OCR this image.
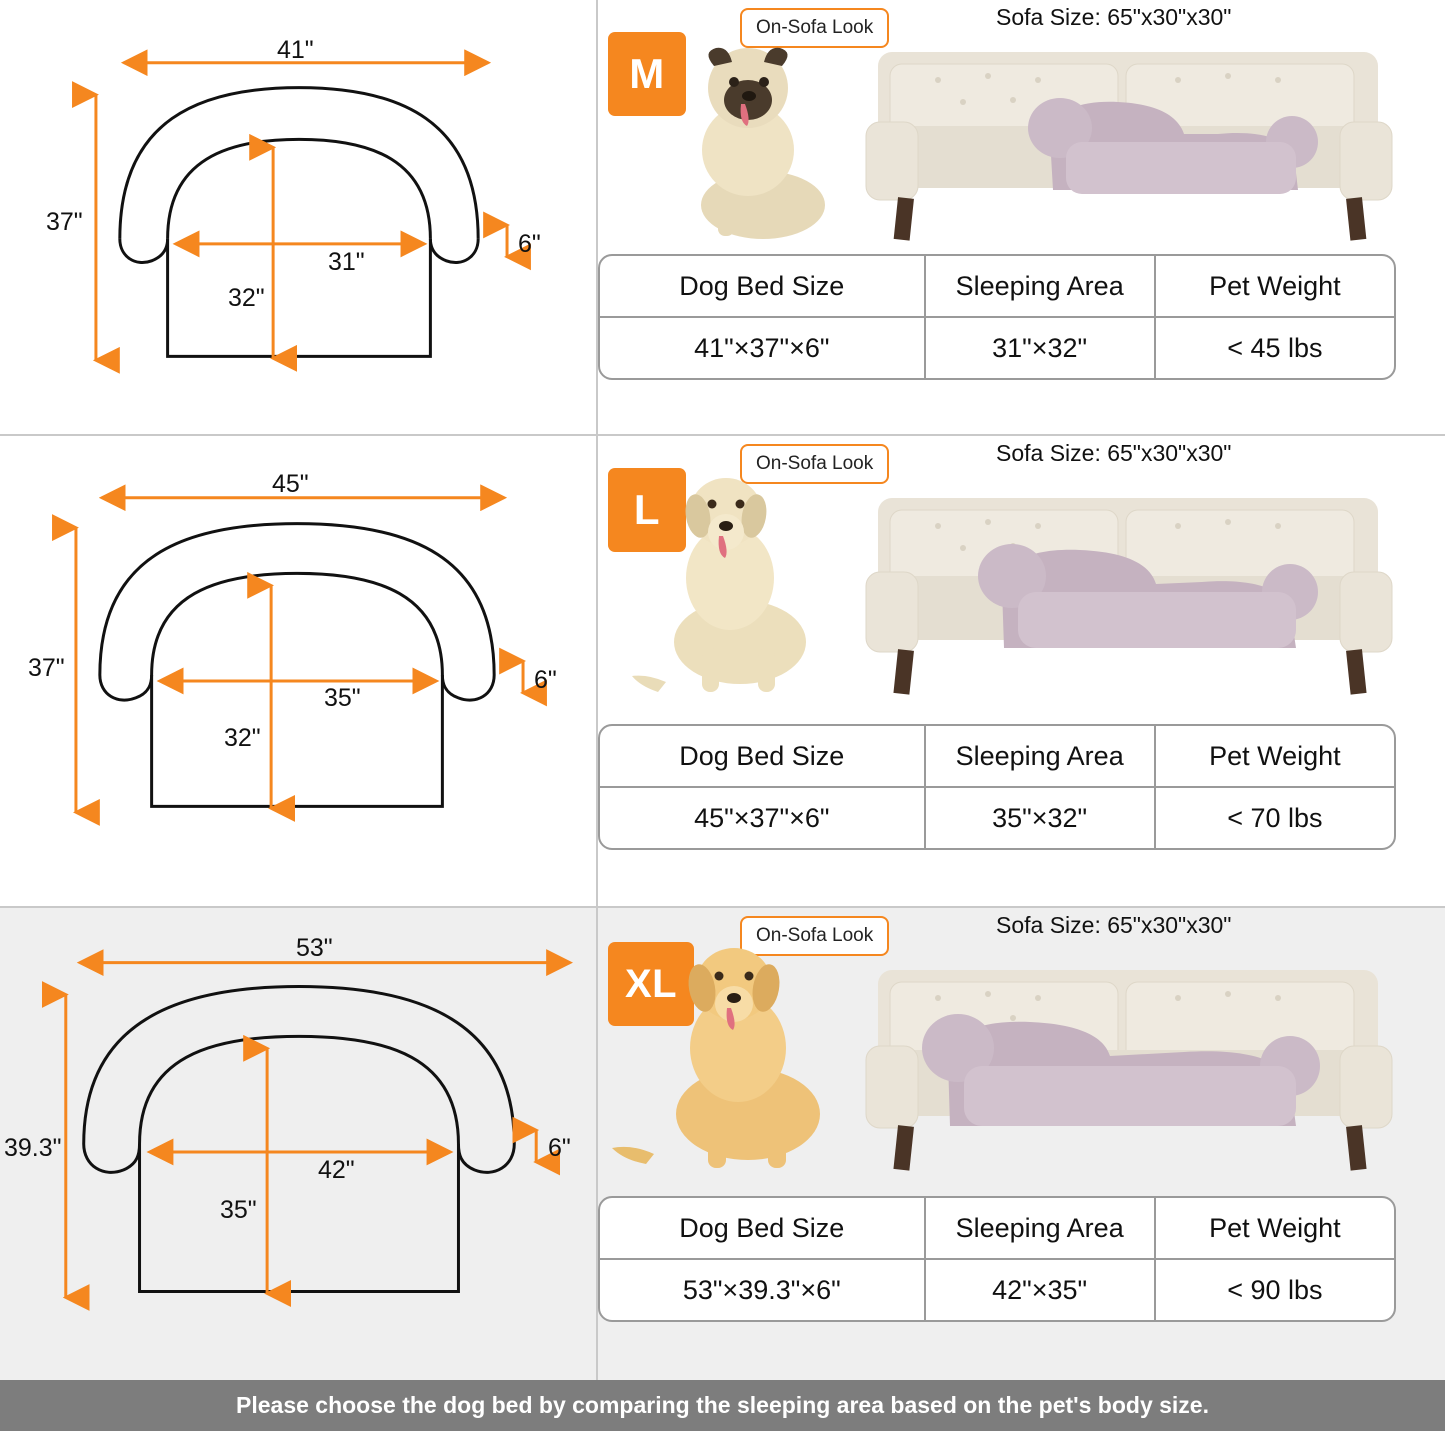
41"
37"
31"
32"
6"
M
On-Sofa Look	Sofa Size: 65"x30"x30"
Dog Bed Size	Sleeping Area	Pet Weight
41"×37"×6"	31"×32"	< 45 lbs
45"
37"
35"
32"
6"
L
On-Sofa Look	Sofa Size: 65"x30"x30"
Dog Bed Size	Sleeping Area	Pet Weight
45"×37"×6"	35"×32"	< 70 lbs
53"
39.3"
42"
35"
6"
XL
On-Sofa Look	Sofa Size: 65"x30"x30"
Dog Bed Size	Sleeping Area	Pet Weight
53"×39.3"×6"	42"×35"	< 90 lbs
Please choose the dog bed by comparing the sleeping area based on the pet's body size.
